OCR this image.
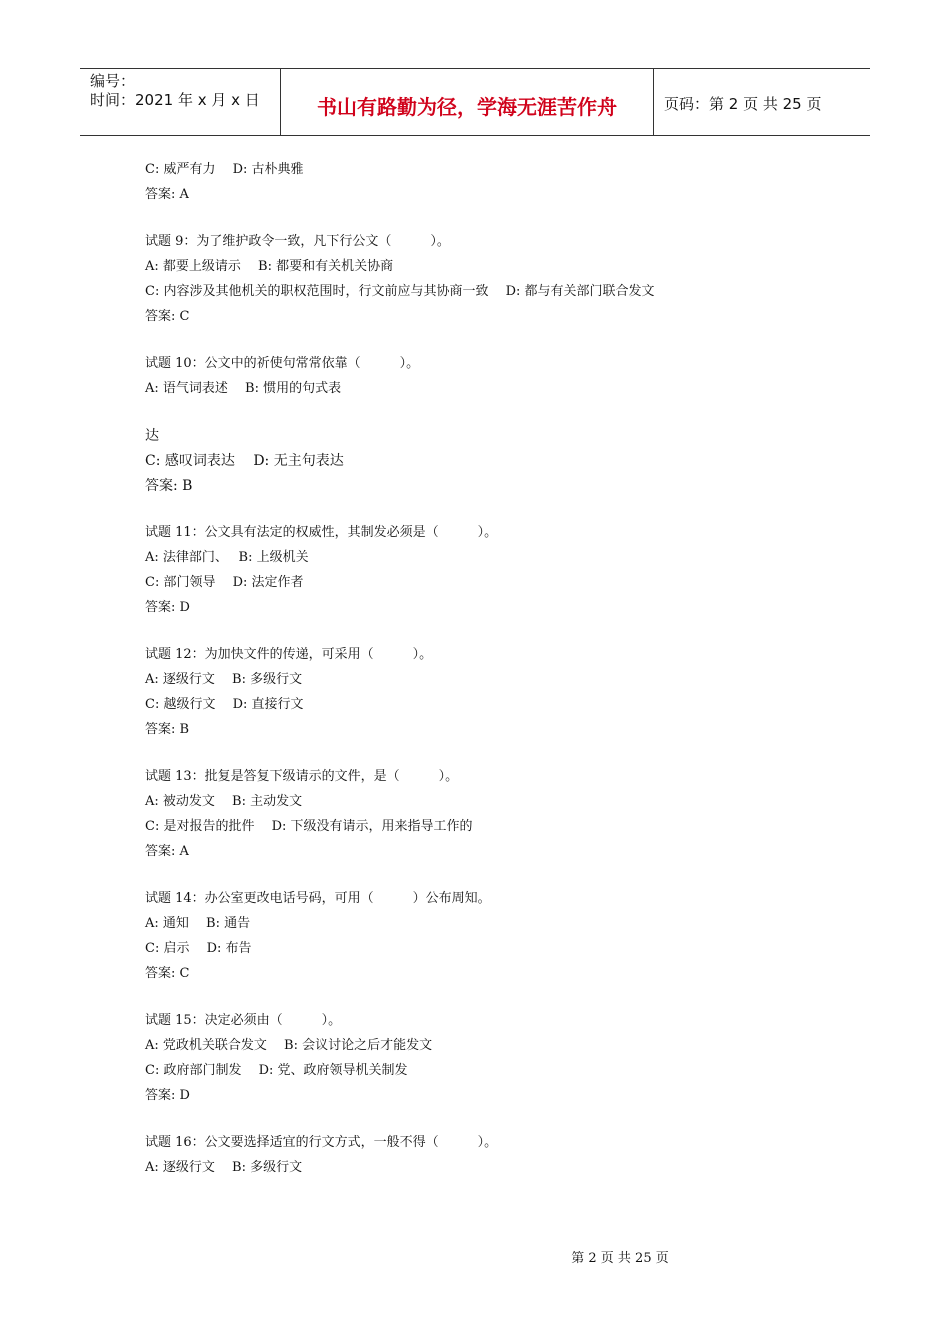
编号：
时间：2021 年 x 月 x 日	书山有路勤为径，学海无涯苦作舟	页码：第 2 页 共 25 页
C: 威严有力　 D: 古朴典雅
答案: A
试题 9：为了维护政令一致，凡下行公文（　　　）。
A: 都要上级请示　 B: 都要和有关机关协商
C: 内容涉及其他机关的职权范围时，行文前应与其协商一致　 D: 都与有关部门联合发文
答案: C
试题 10：公文中的祈使句常常依靠（　　　）。
A: 语气词表述　 B: 惯用的句式表
达
C: 感叹词表达　 D: 无主句表达
答案: B
试题 11：公文具有法定的权威性，其制发必须是（　　　）。
A: 法律部门、　 B: 上级机关
C: 部门领导　 D: 法定作者
答案: D
试题 12：为加快文件的传递，可采用（　　　）。
A: 逐级行文　 B: 多级行文
C: 越级行文　 D: 直接行文
答案: B
试题 13：批复是答复下级请示的文件，是（　　　）。
A: 被动发文　 B: 主动发文
C: 是对报告的批件　 D: 下级没有请示，用来指导工作的
答案: A
试题 14：办公室更改电话号码，可用（　　　）公布周知。
A: 通知　 B: 通告
C: 启示　 D: 布告
答案: C
试题 15：决定必须由（　　　）。
A: 党政机关联合发文　 B: 会议讨论之后才能发文
C: 政府部门制发　 D: 党、政府领导机关制发
答案: D
试题 16：公文要选择适宜的行文方式，一般不得（　　　）。
A: 逐级行文　 B: 多级行文
第 2 页 共 25 页
